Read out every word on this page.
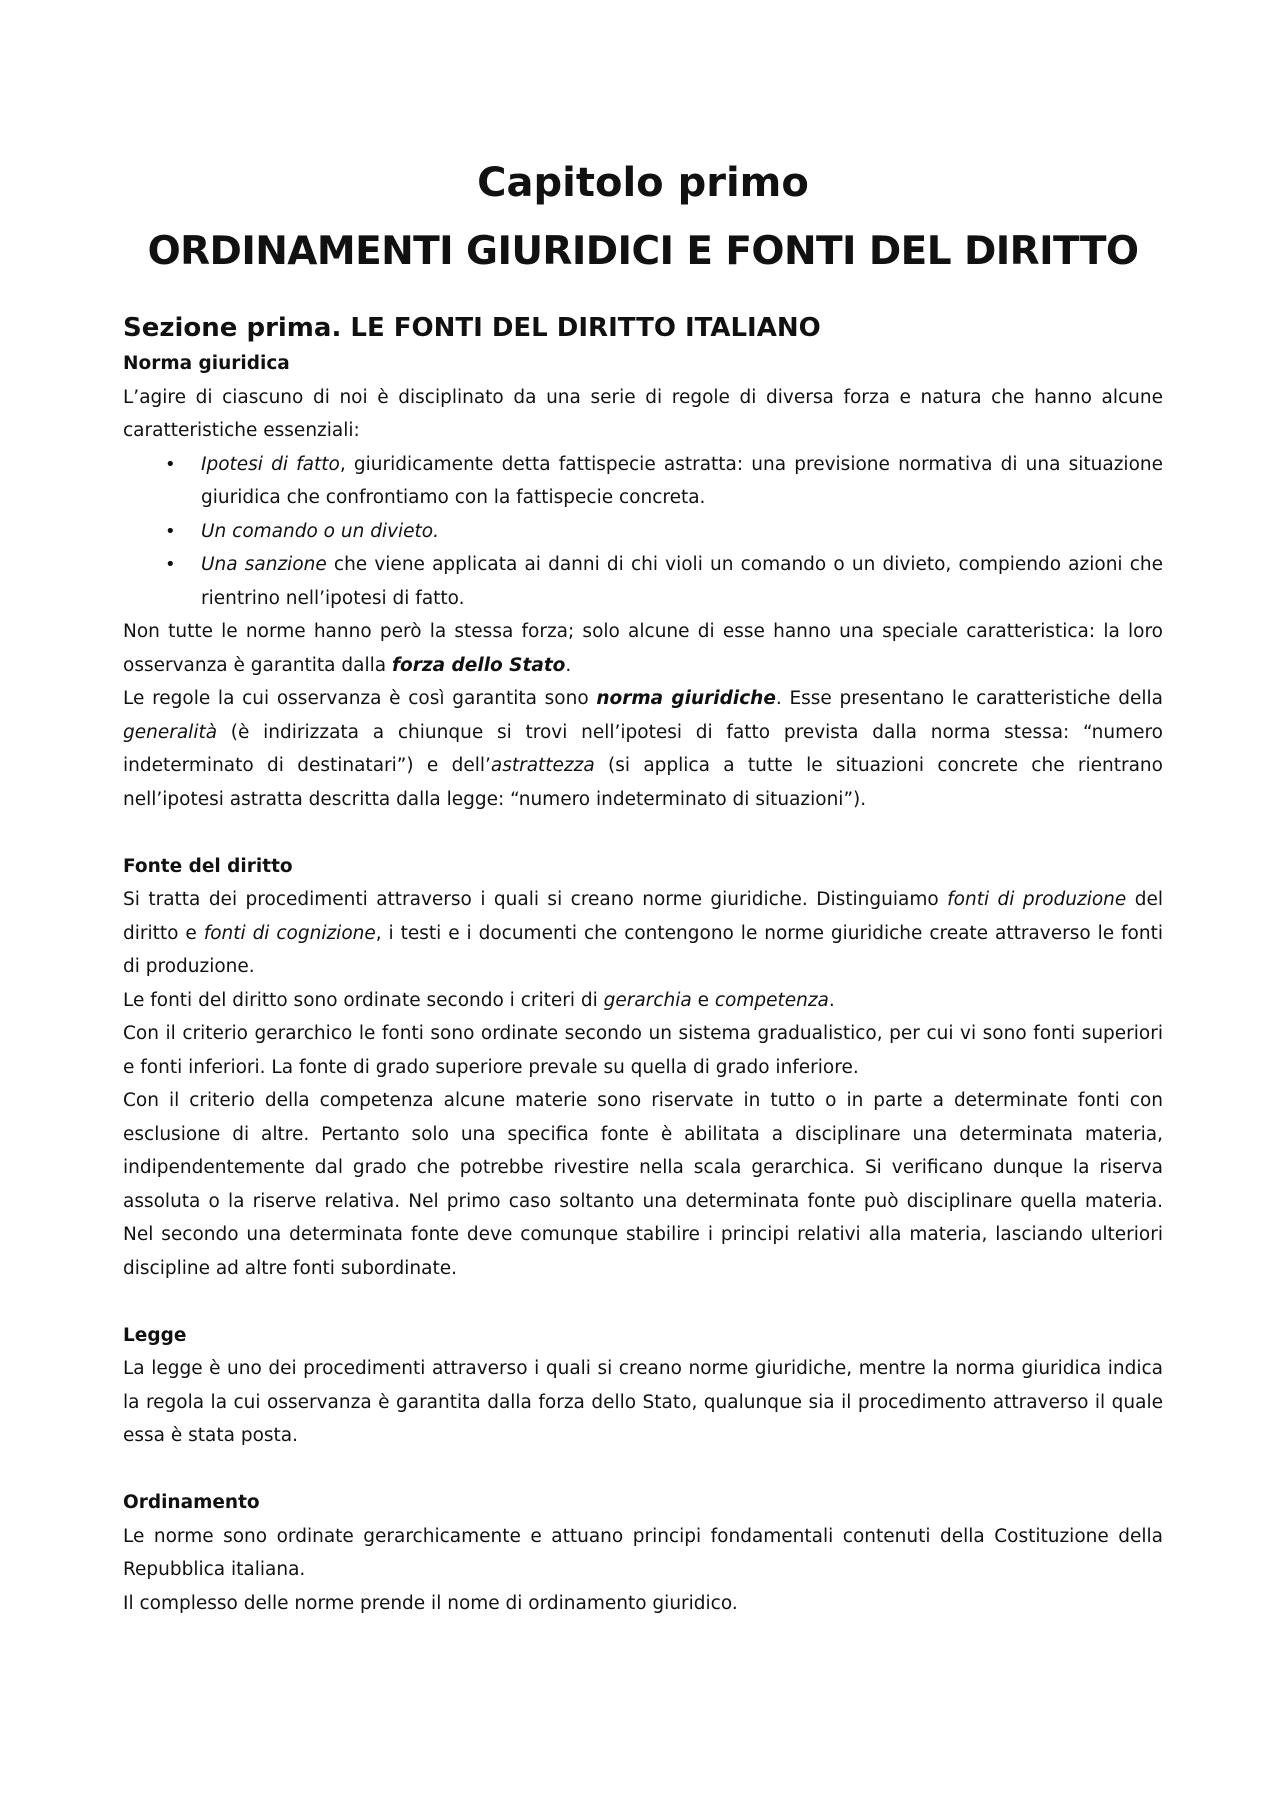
Capitolo primo
ORDINAMENTI GIURIDICI E FONTI DEL DIRITTO
Sezione prima. LE FONTI DEL DIRITTO ITALIANO
Norma giuridica

L’agire di ciascuno di noi è disciplinato da una serie di regole di diversa forza e natura che hanno alcune caratteristiche essenziali:

• Ipotesi di fatto, giuridicamente detta fattispecie astratta: una previsione normativa di una situazione giuridica che confrontiamo con la fattispecie concreta.
• Un comando o un divieto.
• Una sanzione che viene applicata ai danni di chi violi un comando o un divieto, compiendo azioni che rientrino nell’ipotesi di fatto.

Non tutte le norme hanno però la stessa forza; solo alcune di esse hanno una speciale caratteristica: la loro osservanza è garantita dalla forza dello Stato.

Le regole la cui osservanza è così garantita sono norma giuridiche. Esse presentano le caratteristiche della generalità (è indirizzata a chiunque si trovi nell’ipotesi di fatto prevista dalla norma stessa: “numero indeterminato di destinatari”) e dell’astrattezza (si applica a tutte le situazioni concrete che rientrano nell’ipotesi astratta descritta dalla legge: “numero indeterminato di situazioni”).

Fonte del diritto

Si tratta dei procedimenti attraverso i quali si creano norme giuridiche. Distinguiamo fonti di produzione del diritto e fonti di cognizione, i testi e i documenti che contengono le norme giuridiche create attraverso le fonti di produzione.

Le fonti del diritto sono ordinate secondo i criteri di gerarchia e competenza.

Con il criterio gerarchico le fonti sono ordinate secondo un sistema gradualistico, per cui vi sono fonti superiori e fonti inferiori. La fonte di grado superiore prevale su quella di grado inferiore.

Con il criterio della competenza alcune materie sono riservate in tutto o in parte a determinate fonti con esclusione di altre. Pertanto solo una specifica fonte è abilitata a disciplinare una determinata materia, indipendentemente dal grado che potrebbe rivestire nella scala gerarchica. Si verificano dunque la riserva assoluta o la riserve relativa. Nel primo caso soltanto una determinata fonte può disciplinare quella materia. Nel secondo una determinata fonte deve comunque stabilire i principi relativi alla materia, lasciando ulteriori discipline ad altre fonti subordinate.

Legge

La legge è uno dei procedimenti attraverso i quali si creano norme giuridiche, mentre la norma giuridica indica la regola la cui osservanza è garantita dalla forza dello Stato, qualunque sia il procedimento attraverso il quale essa è stata posta.

Ordinamento

Le norme sono ordinate gerarchicamente e attuano principi fondamentali contenuti della Costituzione della Repubblica italiana.

Il complesso delle norme prende il nome di ordinamento giuridico.
